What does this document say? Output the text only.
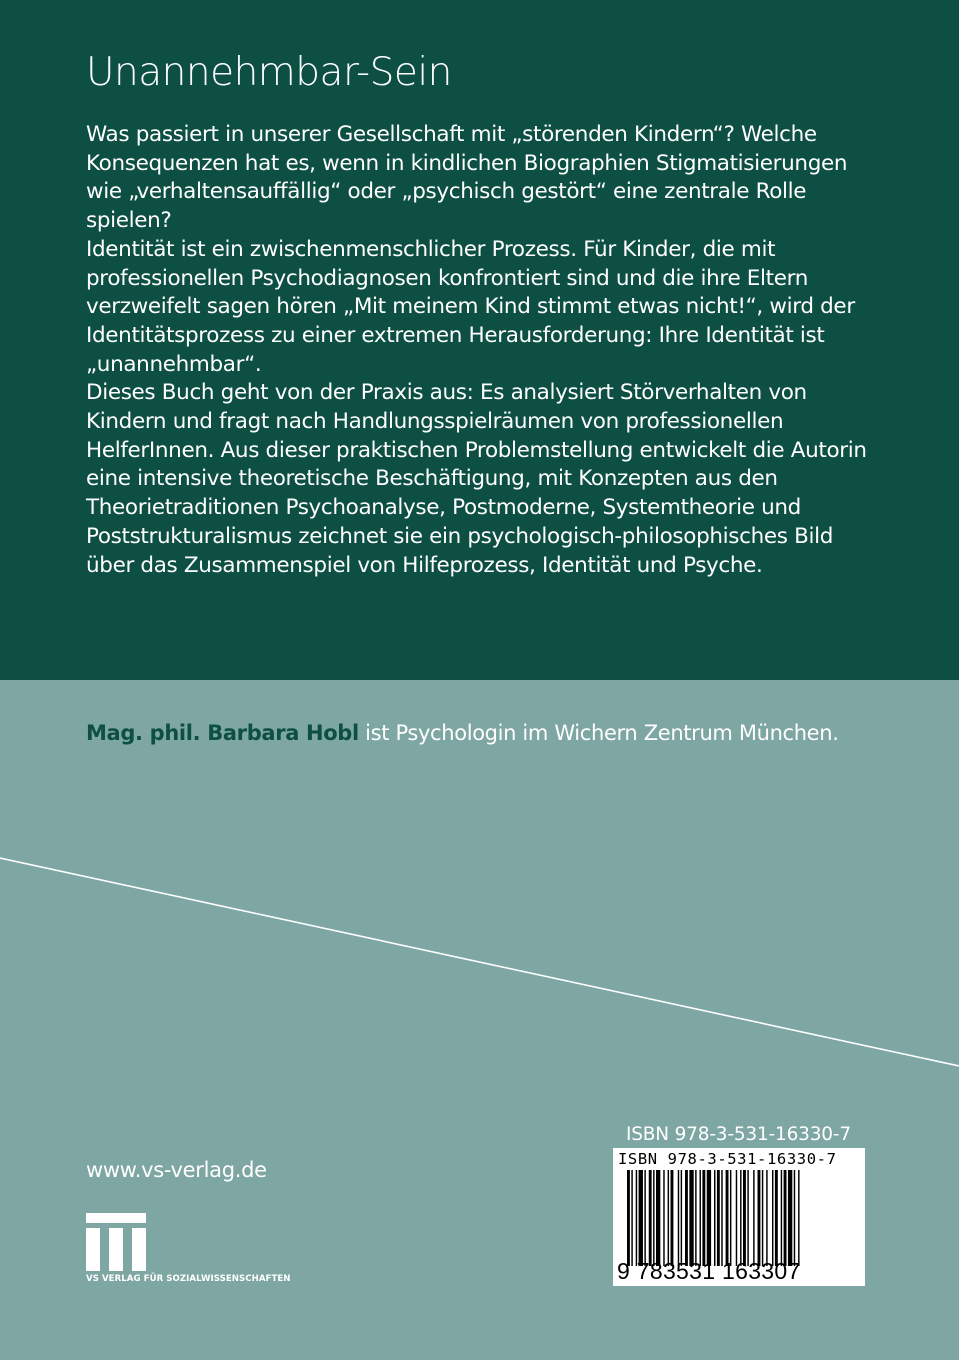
Unannehmbar-Sein

Was passiert in unserer Gesellschaft mit „störenden Kindern“? Welche Konsequenzen hat es, wenn in kindlichen Biographien Stigmatisierungen wie „verhaltensauffällig“ oder „psychisch gestört“ eine zentrale Rolle spielen?

Identität ist ein zwischenmenschlicher Prozess. Für Kinder, die mit professionellen Psychodiagnosen konfrontiert sind und die ihre Eltern verzweifelt sagen hören „Mit meinem Kind stimmt etwas nicht!“, wird der Identitätsprozess zu einer extremen Herausforderung: Ihre Identität ist „unannehmbar“.

Dieses Buch geht von der Praxis aus: Es analysiert Störverhalten von Kindern und fragt nach Handlungsspielräumen von professionellen HelferInnen. Aus dieser praktischen Problemstellung entwickelt die Autorin eine intensive theoretische Beschäftigung, mit Konzepten aus den Theorietraditionen Psychoanalyse, Postmoderne, Systemtheorie und Poststrukturalismus zeichnet sie ein psychologisch-philosophisches Bild über das Zusammenspiel von Hilfeprozess, Identität und Psyche.

Mag. phil. Barbara Hobl ist Psychologin im Wichern Zentrum München.

www.vs-verlag.de

VS VERLAG FÜR SOZIALWISSENSCHAFTEN

ISBN 978-3-531-16330-7

ISBN 978-3-531-16330-7
9 783531 163307
